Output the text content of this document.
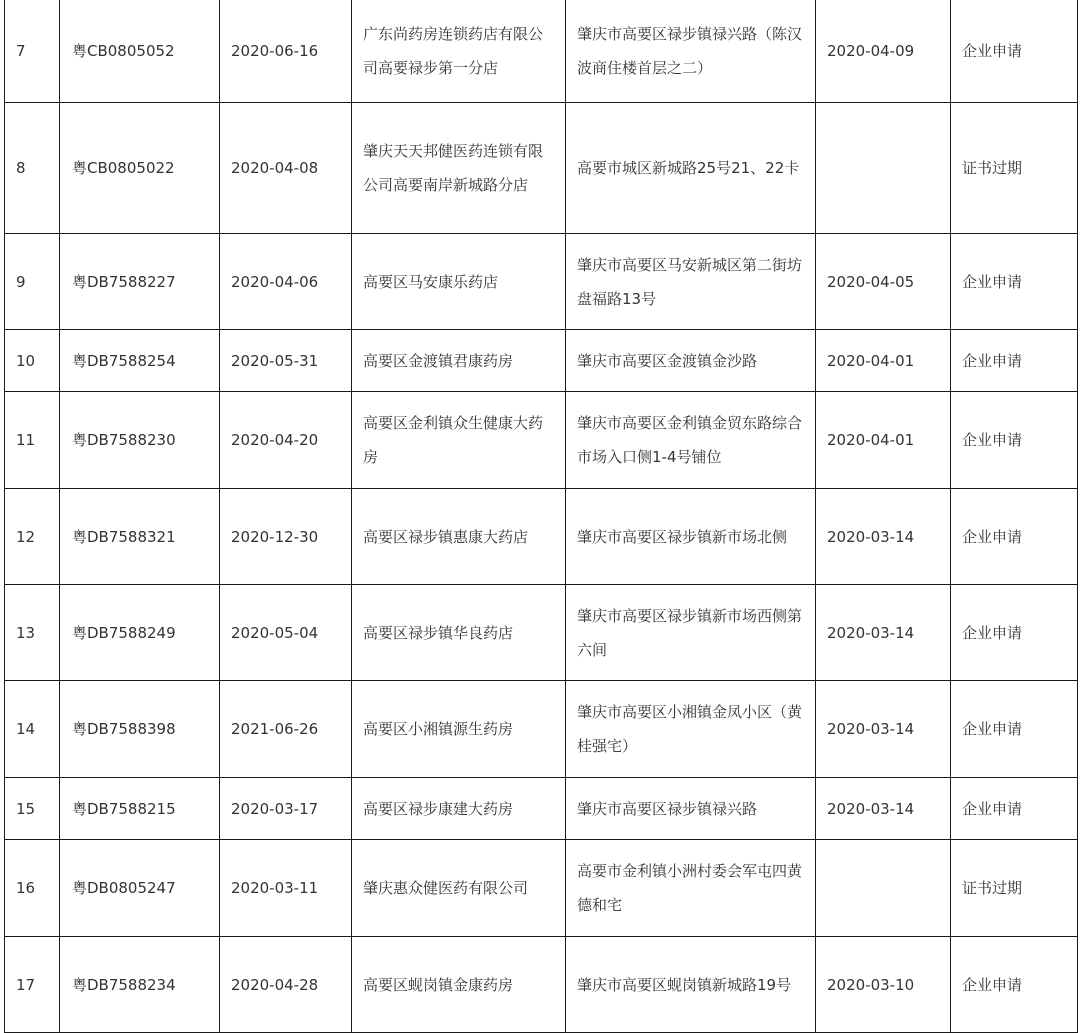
7	粤CB0805052	2020-06-16	广东尚药房连锁药店有限公司高要禄步第一分店	肇庆市高要区禄步镇禄兴路（陈汉波商住楼首层之二）	2020-04-09	企业申请
8	粤CB0805022	2020-04-08	肇庆天天邦健医药连锁有限公司高要南岸新城路分店	高要市城区新城路25号21、22卡		证书过期
9	粤DB7588227	2020-04-06	高要区马安康乐药店	肇庆市高要区马安新城区第二街坊盘福路13号	2020-04-05	企业申请
10	粤DB7588254	2020-05-31	高要区金渡镇君康药房	肇庆市高要区金渡镇金沙路	2020-04-01	企业申请
11	粤DB7588230	2020-04-20	高要区金利镇众生健康大药房	肇庆市高要区金利镇金贸东路综合市场入口侧1-4号铺位	2020-04-01	企业申请
12	粤DB7588321	2020-12-30	高要区禄步镇惠康大药店	肇庆市高要区禄步镇新市场北侧	2020-03-14	企业申请
13	粤DB7588249	2020-05-04	高要区禄步镇华良药店	肇庆市高要区禄步镇新市场西侧第六间	2020-03-14	企业申请
14	粤DB7588398	2021-06-26	高要区小湘镇源生药房	肇庆市高要区小湘镇金凤小区（黄桂强宅）	2020-03-14	企业申请
15	粤DB7588215	2020-03-17	高要区禄步康建大药房	肇庆市高要区禄步镇禄兴路	2020-03-14	企业申请
16	粤DB0805247	2020-03-11	肇庆惠众健医药有限公司	高要市金利镇小洲村委会军屯四黄德和宅		证书过期
17	粤DB7588234	2020-04-28	高要区蚬岗镇金康药房	肇庆市高要区蚬岗镇新城路19号	2020-03-10	企业申请
